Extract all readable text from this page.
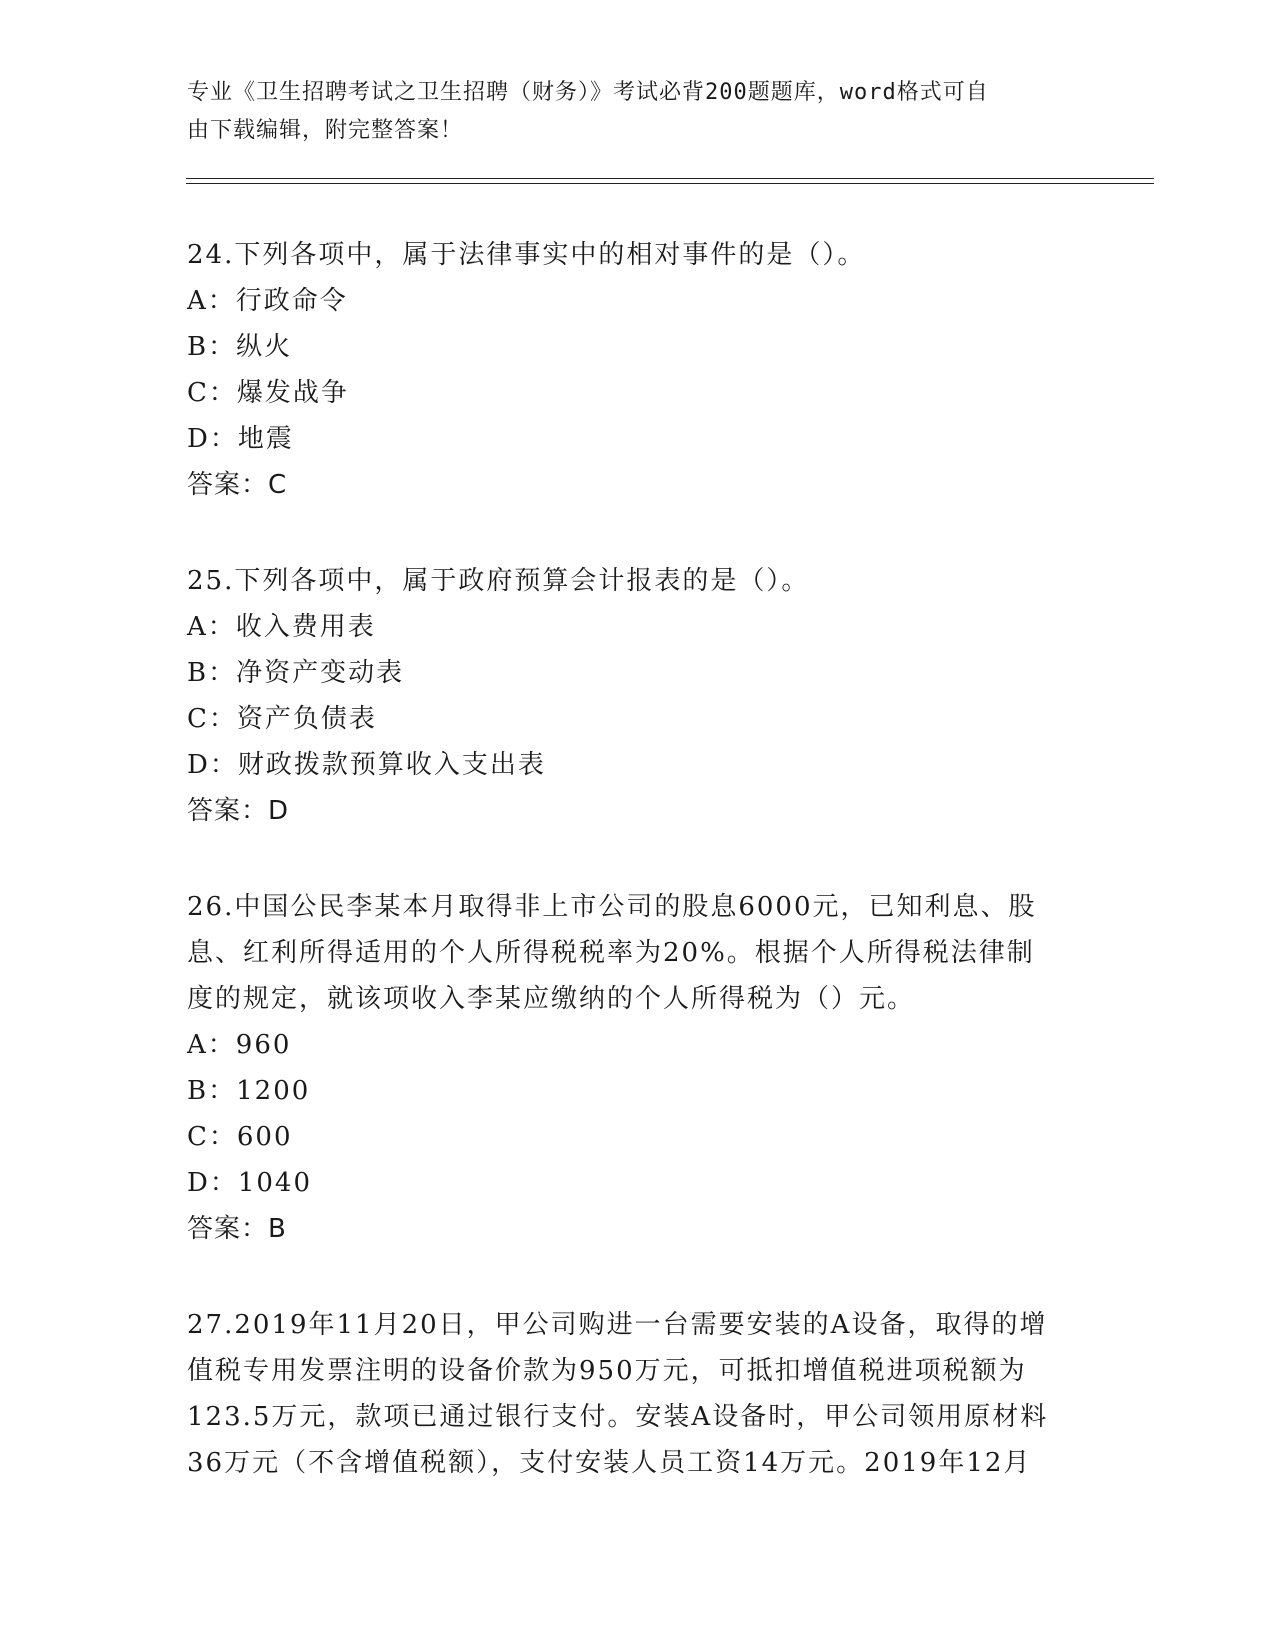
专业《卫生招聘考试之卫生招聘（财务）》考试必背200题题库，word格式可自
由下载编辑，附完整答案！
24.下列各项中，属于法律事实中的相对事件的是（）。
A：行政命令
B：纵火
C：爆发战争
D：地震
答案：C
25.下列各项中，属于政府预算会计报表的是（）。
A：收入费用表
B：净资产变动表
C：资产负债表
D：财政拨款预算收入支出表
答案：D
26.中国公民李某本月取得非上市公司的股息6000元，已知利息、股
息、红利所得适用的个人所得税税率为20%。根据个人所得税法律制
度的规定，就该项收入李某应缴纳的个人所得税为（）元。
A：960
B：1200
C：600
D：1040
答案：B
27.2019年11月20日，甲公司购进一台需要安装的A设备，取得的增
值税专用发票注明的设备价款为950万元，可抵扣增值税进项税额为
123.5万元，款项已通过银行支付。安装A设备时，甲公司领用原材料
36万元（不含增值税额），支付安装人员工资14万元。2019年12月
